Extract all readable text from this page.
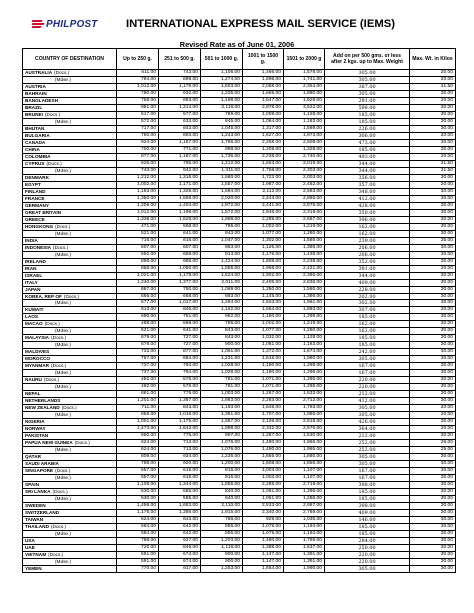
PHILPOST	INTERNATIONAL EXPRESS MAIL SERVICE (IEMS)
Revised Rate as of June 01, 2006
COUNTRY OF DESTINATION	Up to 250 g.	251 to 500 g.	501 to 1000 g.	1001 to 1500 g.	1501 to 2000 g	Add on per 500 gms. or less after 2 kgs. up to Max. Weight	Max. Wt. in Kilos
AUSTRALIA (Docs.)	611.00	743.00	1,106.00	1,466.00	1,578.00	305.00	20.00
(Mdse.)	784.00	899.00	1,274.00	1,596.00	1,741.00	305.00	20.00
AUSTRIA	1,012.00	1,179.00	1,603.00	2,068.00	2,354.00	387.00	31.50
BAHRAIN	780.00	932.00	1,235.00	1,665.00	1,880.00	305.00	30.00
BANGLADESH	759.00	893.00	1,198.00	1,547.00	1,928.00	291.00	20.00
BRAZIL	981.00	1,314.00	2,116.00	2,978.00	3,522.00	598.00	30.00
BRUNEI (Docs.)	517.00	577.00	789.00	1,009.00	1,128.00	185.00	30.00
(Mdse.)	572.00	633.00	845.00	1,064.00	1,183.00	185.00	30.00
BHUTAN	717.00	843.00	1,045.00	1,317.00	1,589.00	226.00	30.00
BULGARIA	760.00	893.00	1,243.00	1,627.00	1,973.00	306.00	20.00
CANADA	924.00	1,167.00	1,766.00	2,258.00	2,508.00	473.00	30.00
CHINA	700.00	771.00	988.00	1,209.00	1,328.00	185.00	30.00
COLOMBIA	877.00	1,187.00	1,736.00	2,238.00	2,740.00	493.00	20.00
CYPRUS (Docs.)	625.00	796.00	1,212.00	1,553.00	2,019.00	344.00	31.50
(Mdse.)	743.00	942.00	1,311.00	1,758.00	2,303.00	344.00	31.50
DENMARK	1,212.00	1,316.00	1,560.00	1,722.00	2,003.00	356.00	30.00
EGYPT	1,002.00	1,171.00	1,557.00	1,987.00	2,462.00	357.00	20.00
FINLAND	1,163.00	1,328.00	1,684.00	2,112.00	2,583.00	348.00	30.00
FRANCE	1,350.00	1,556.00	2,020.00	2,443.00	2,865.00	412.00	30.00
GERMANY	1,209.00	1,404.00	1,972.00	2,441.00	2,875.00	428.00	30.00
GREAT BRITAIN	1,012.00	1,199.00	1,572.00	1,946.00	2,319.00	350.00	30.00
GREECE	1,338.00	1,529.00	1,888.00	2,289.00	2,667.00	396.00	30.00
HONGKONG (Docs.)	471.00	568.00	785.00	1,002.00	1,219.00	162.00	30.00
(Mdse.)	521.00	641.00	843.00	1,077.00	1,280.00	162.00	30.00
INDIA	716.00	816.00	1,047.00	1,302.00	1,585.00	239.00	35.00
INDONESIA (Docs.)	507.00	607.00	863.00	1,125.00	1,386.00	206.00	30.00
(Mdse.)	592.00	658.00	913.00	1,176.00	1,438.00	206.00	30.00
IRELAND	898.00	995.00	1,424.00	1,808.00	2,238.00	352.00	30.00
IRAN	858.00	1,050.00	1,555.00	1,968.00	2,421.00	391.00	20.00
ISRAEL	1,021.00	1,179.00	1,524.00	1,902.00	2,365.00	344.00	30.00
ITALY	1,240.00	1,377.00	2,011.00	2,405.00	2,836.00	409.00	30.00
JAPAN	667.00	750.00	1,069.00	1,350.00	1,580.00	228.00	30.00
KOREA, REP OF (Docs.)	566.00	668.00	893.00	1,145.00	1,396.00	202.00	30.00
(Mdse.)	577.00	1,017.00	1,294.00	1,603.00	1,961.00	302.00	30.00
KUWAIT	613.00	849.00	1,162.00	1,564.00	1,883.00	307.00	20.00
LAOS	690.00	751.00	962.00	1,180.00	1,299.00	185.00	30.00
MACAO (Docs.)	468.00	568.00	785.00	1,002.00	1,219.00	162.00	30.00
(Mdse.)	521.00	641.00	843.00	1,077.00	1,280.00	162.00	30.00
MALAYSIA (Docs.)	679.00	727.00	843.00	1,032.00	1,128.00	185.00	30.00
(Mdse.)	679.00	727.00	900.00	1,081.00	1,183.00	185.00	30.00
MALDIVES	733.00	877.00	1,061.00	1,372.00	1,674.00	242.00	30.00
MOROCCO	767.00	884.00	1,231.00	1,615.00	1,960.00	305.00	30.00
MYANMAR (Docs.)	737.00	794.00	1,028.00	1,190.00	1,298.00	167.00	30.00
(Mdse.)	737.00	794.00	1,028.00	1,190.00	1,298.00	167.00	30.00
NAURU (Docs.)	482.00	576.00	781.00	1,071.00	1,285.00	220.00	30.00
(Mdse.)	482.00	576.00	781.00	1,071.00	1,285.00	220.00	30.00
NEPAL	661.00	775.00	1,003.00	1,267.00	1,533.00	212.00	30.00
NETHERLANDS	1,201.00	1,387.00	1,863.00	2,283.00	2,712.00	412.00	30.00
NEW ZEALAND (Docs.)	711.00	843.00	1,193.00	1,546.00	1,793.00	305.00	20.00
(Mdse.)	858.00	1,016.00	1,361.00	1,707.00	1,986.00	305.00	20.00
NIGERIA	1,001.00	1,175.00	1,657.00	2,136.00	2,618.00	426.00	30.00
NORWAY	1,473.00	1,643.00	1,998.00	2,332.00	2,675.00	364.00	20.00
PAKISTAN	660.00	775.00	997.00	1,267.00	1,530.00	212.00	30.00
PAPUA NEW GUINEA (Docs.)	624.00	713.00	1,076.00	1,490.00	1,965.00	252.00	25.00
(Mdse.)	624.00	713.00	1,076.00	1,490.00	1,965.00	252.00	25.00
QATAR	809.00	934.00	1,235.00	1,665.00	1,880.00	305.00	30.00
SAUDI ARABIA	798.00	920.00	1,200.00	1,608.00	1,856.00	305.00	30.00
SINGAPORE (Docs.)	557.00	615.00	815.00	1,003.00	1,107.00	167.00	30.00
(Mdse.)	557.00	615.00	815.00	1,003.00	1,107.00	167.00	30.00
SPAIN	1,108.00	1,344.00	1,855.00	2,285.00	2,719.00	398.00	30.00
SRI LANKA (Docs.)	530.00	585.00	840.00	1,061.00	1,286.00	185.00	30.00
(Mdse.)	530.00	585.00	840.00	1,061.00	1,286.00	185.00	30.00
SWEDEN	1,498.00	1,683.00	2,110.00	2,533.00	2,957.00	398.00	30.00
SWITZERLAND	1,175.00	1,386.00	1,915.00	2,340.00	2,769.00	409.00	30.00
TAIWAN	624.00	643.00	786.00	929.00	1,035.00	146.00	30.00
THAILAND (Docs.)	584.00	642.00	855.00	1,075.00	1,194.00	185.00	30.00
(Mdse.)	584.00	642.00	855.00	1,075.00	1,194.00	185.00	30.00
USA	788.00	927.00	1,203.00	1,480.00	1,755.00	284.00	30.00
UAE	720.00	849.00	1,116.00	1,388.00	1,637.00	250.00	30.00
VIETNAM (Docs.)	591.00	674.00	900.00	1,147.00	1,391.00	220.00	30.00
(Mdse.)	591.00	674.00	900.00	1,147.00	1,391.00	220.00	30.00
YEMEN	770.00	917.00	1,253.00	1,654.00	1,990.00	305.00	30.00
